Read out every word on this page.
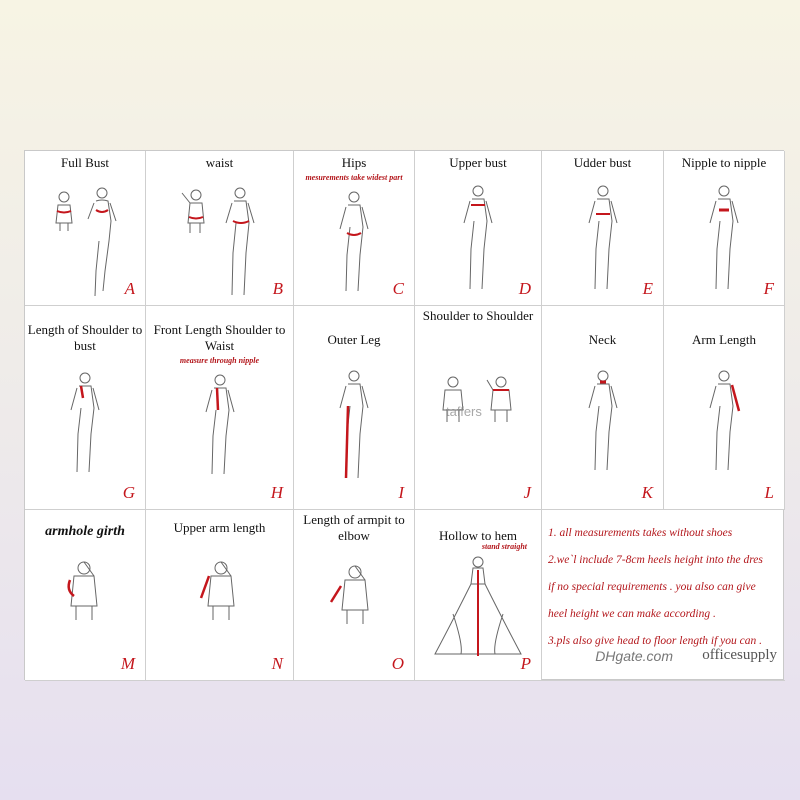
Full Bust
A
waist
B
Hips
mesurements take widest part
C
Upper bust
D
Udder bust
E
Nipple to nipple
F
Length of Shoulder to bust
G
Front Length Shoulder to Waist
measure through nipple
H
Outer Leg
I
Shoulder to Shoulder
J
Neck
K
Arm Length
L
armhole girth
M
Upper arm length
N
Length of armpit to elbow
O
Hollow to hem
stand straight
P
1. all measurements takes without shoes
2.we`l include 7-8cm heels height into the dres
if no special requirements . you also can give
heel height we can make according .
3.pls also give head to floor length if you can .
DHgate.com officesupply
taffers
